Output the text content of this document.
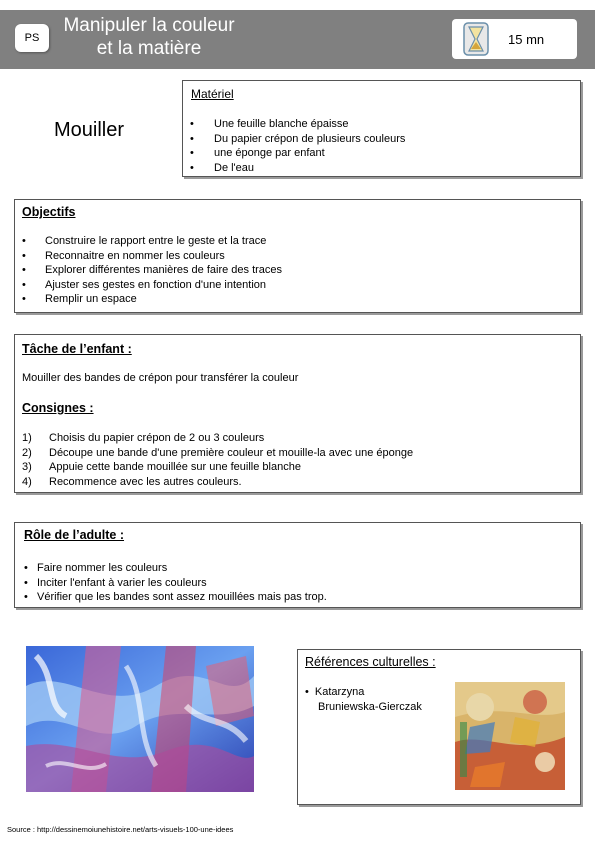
PS
Manipuler la couleur
et la matière	15 mn
Mouiller
Matériel
• Une feuille blanche épaisse
• Du papier crépon de plusieurs couleurs
• une éponge par enfant
• De l'eau
Objectifs
• Construire le rapport entre le geste et la trace
• Reconnaitre en nommer les couleurs
• Explorer différentes manières de faire des traces
• Ajuster ses gestes en fonction d'une intention
• Remplir un espace
Tâche de l’enfant :
Mouiller des bandes de crépon pour transférer la couleur
Consignes :
1) Choisis du papier crépon de 2 ou 3 couleurs
2) Découpe une bande d'une première couleur et mouille-la avec une éponge
3) Appuie cette bande mouillée sur une feuille blanche
4) Recommence avec les autres couleurs.
Rôle de l’adulte :
• Faire nommer les couleurs
• Inciter l'enfant à varier les couleurs
• Vérifier que les bandes sont assez mouillées mais pas trop.
Références culturelles :
• Katarzyna
Bruniewska-Gierczak
Source : http://dessinemoiunehistoire.net/arts-visuels-100-une-idees
